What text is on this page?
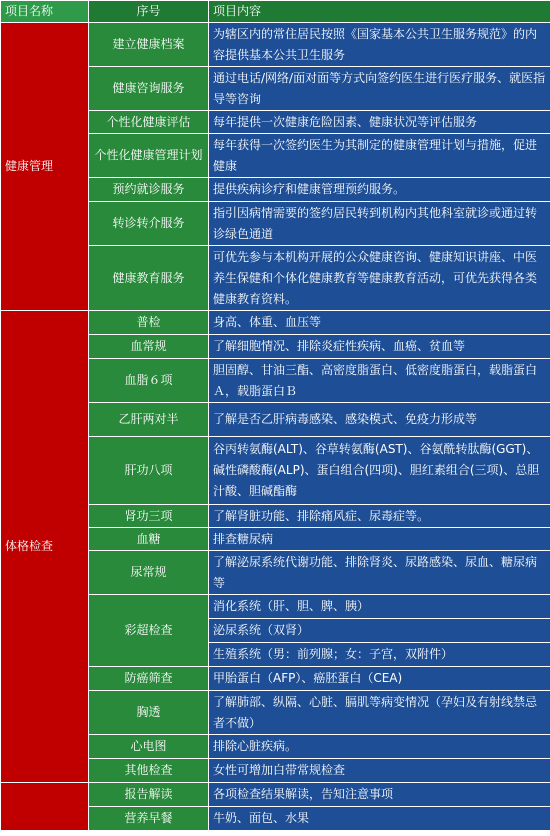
项目名称	序号	项目内容
健康管理	建立健康档案	为辖区内的常住居民按照《国家基本公共卫生服务规范》的内容提供基本公共卫生服务
	健康咨询服务	通过电话/网络/面对面等方式向签约医生进行医疗服务、就医指导等咨询
	个性化健康评估	每年提供一次健康危险因素、健康状况等评估服务
	个性化健康管理计划	每年获得一次签约医生为其制定的健康管理计划与措施，促进健康
	预约就诊服务	提供疾病诊疗和健康管理预约服务。
	转诊转介服务	指引因病情需要的签约居民转到机构内其他科室就诊或通过转诊绿色通道
	健康教育服务	可优先参与本机构开展的公众健康咨询、健康知识讲座、中医养生保健和个体化健康教育等健康教育活动，可优先获得各类健康教育资料。
体格检查	普检	身高、体重、血压等
	血常规	了解细胞情况、排除炎症性疾病、血癌、贫血等
	血脂６项	胆固醇、甘油三酯、高密度脂蛋白、低密度脂蛋白，载脂蛋白Ａ，载脂蛋白Ｂ
	乙肝两对半	了解是否乙肝病毒感染、感染模式、免疫力形成等
	肝功八项	谷丙转氨酶(ALT)、谷草转氨酶(AST)、谷氨酰转肽酶(GGT)、碱性磷酸酶(ALP)、蛋白组合(四项)、胆红素组合(三项)、总胆汁酸、胆碱酯酶
	肾功三项	了解肾脏功能、排除痛风症、尿毒症等。
	血糖	排查糖尿病
	尿常规	了解泌尿系统代谢功能、排除肾炎、尿路感染、尿血、糖尿病等
	彩超检查	消化系统（肝、胆、脾、胰）
		泌尿系统（双肾）
		生殖系统（男：前列腺；女：子宫，双附件）
	防癌筛查	甲胎蛋白（AFP）、癌胚蛋白（CEA)
	胸透	了解肺部、纵隔、心脏、膈肌等病变情况（孕妇及有射线禁忌者不做）
	心电图	排除心脏疾病。
	其他检查	女性可增加白带常规检查
	报告解读	各项检查结果解读，告知注意事项
	营养早餐	牛奶、面包、水果
